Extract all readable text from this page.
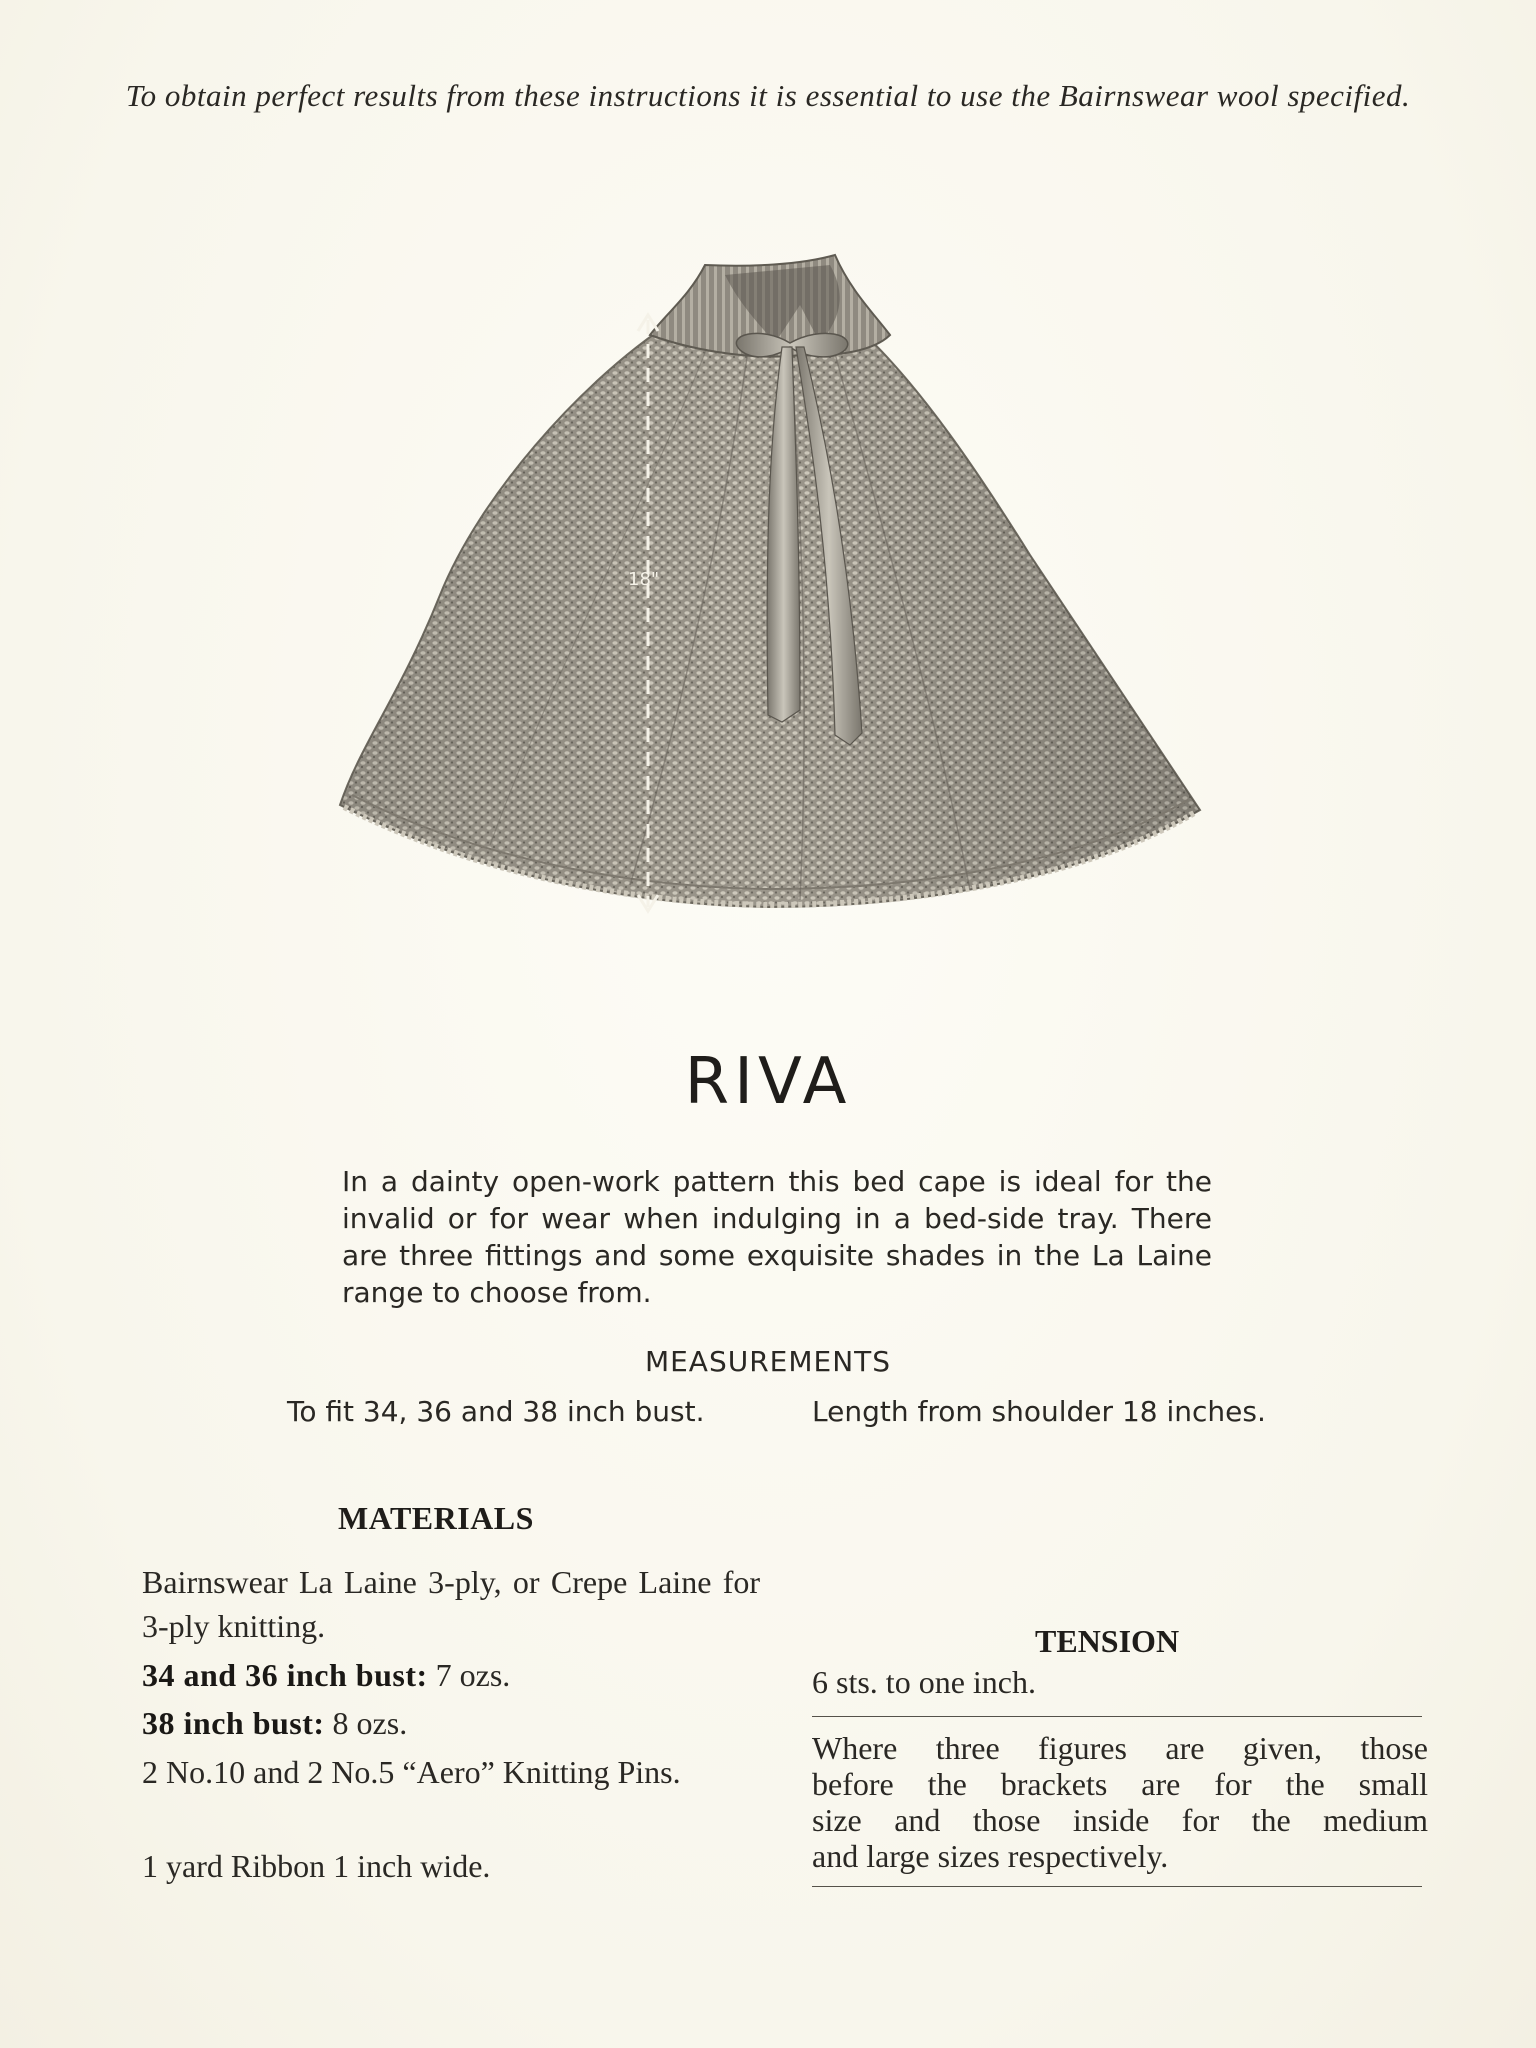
To obtain perfect results from these instructions it is essential to use the Bairnswear wool specified.
18"
RIVA
In a dainty open-work pattern this bed cape is ideal for the invalid or for wear when indulging in a bed-side tray. There are three fittings and some exquisite shades in the La Laine range to choose from.
MEASUREMENTS
To fit 34, 36 and 38 inch bust.	Length from shoulder 18 inches.
MATERIALS
Bairnswear La Laine 3-ply, or Crepe Laine for 3-ply knitting.
34 and 36 inch bust: 7 ozs.
38 inch bust: 8 ozs.
2 No.10 and 2 No.5 “Aero” Knitting Pins.
1 yard Ribbon 1 inch wide.
TENSION
6 sts. to one inch.
Where three figures are given, those
before the brackets are for the small
size and those inside for the medium
and large sizes respectively.
